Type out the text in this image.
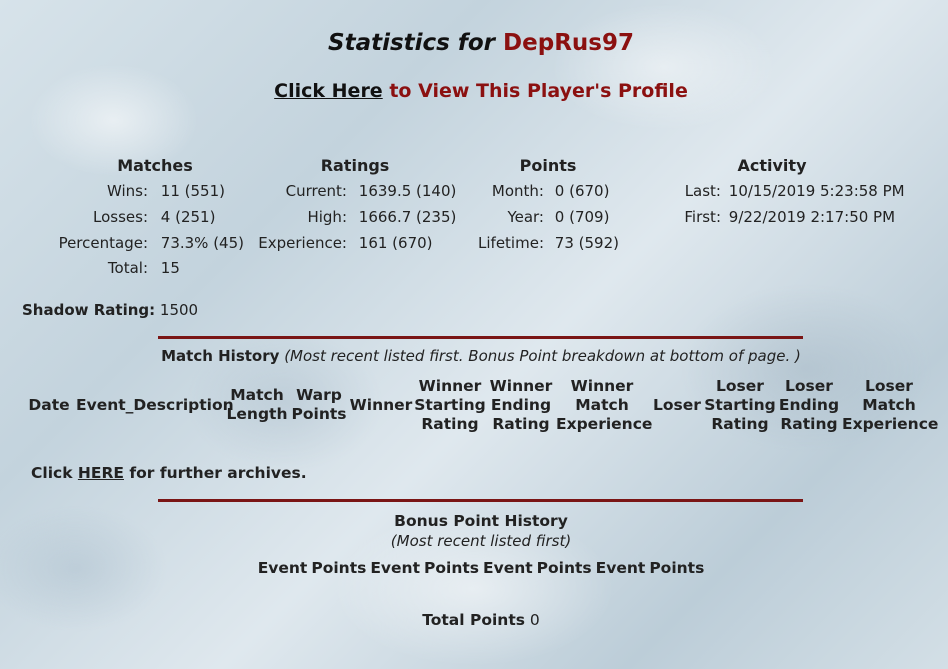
Statistics for DepRus97
Click Here to View This Player's Profile
Matches
Wins: 11 (551)
Losses: 4 (251)
Percentage: 73.3% (45)
Total: 15
Ratings
Current: 1639.5 (140)
High: 1666.7 (235)
Experience: 161 (670)
Points
Month: 0 (670)
Year: 0 (709)
Lifetime: 73 (592)
Activity
Last: 10/15/2019 5:23:58 PM
First: 9/22/2019 2:17:50 PM
Shadow Rating: 1500
Match History (Most recent listed first. Bonus Point breakdown at bottom of page. )
Date Event_Description
Match
Length
Warp
Points Winner
Winner
Starting
Rating
Winner
Ending
Rating
Winner
Match
Experience
Loser
Loser
Starting
Rating
Loser
Ending
Rating
Loser
Match
Experience
Click HERE for further archives.
Bonus Point History
(Most recent listed first)
Event Points Event Points Event Points Event Points
Total Points 0
